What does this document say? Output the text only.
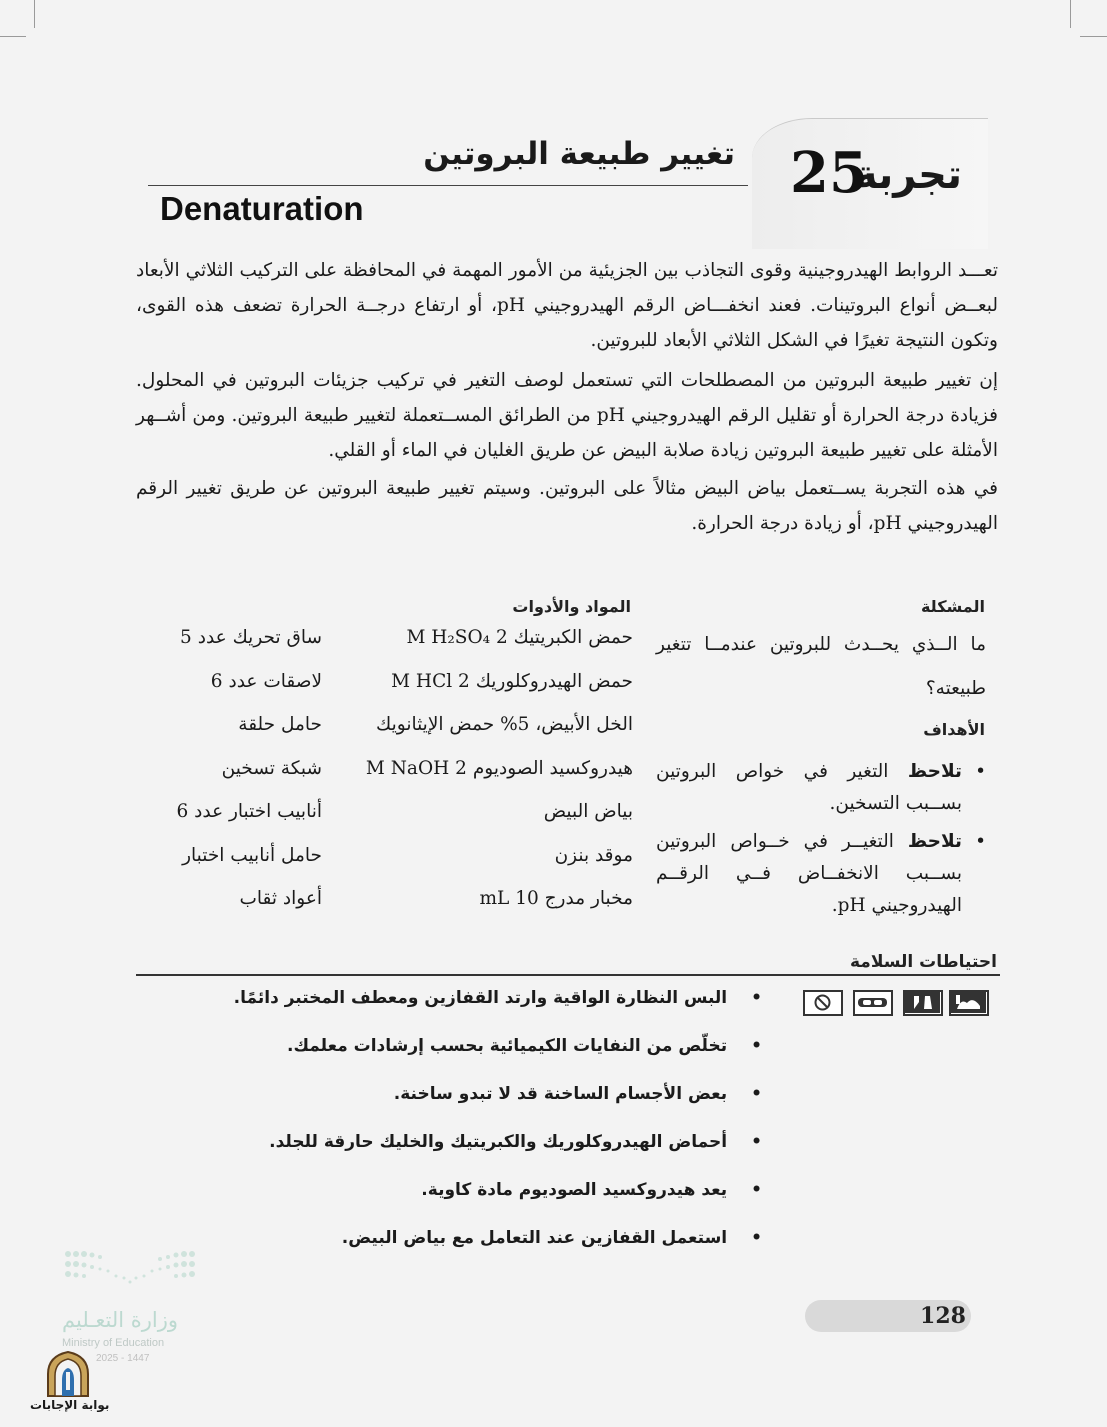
تجربة
25
تغيير طبيعة البروتين
Denaturation

تعـــد الروابط الهيدروجينية وقوى التجاذب بين الجزيئية من الأمور المهمة في المحافظة على التركيب الثلاثي الأبعاد لبعــض أنواع البروتينات. فعند انخفـــاض الرقم الهيدروجيني pH، أو ارتفاع درجــة الحرارة تضعف هذه القوى، وتكون النتيجة تغيرًا في الشكل الثلاثي الأبعاد للبروتين.

إن تغيير طبيعة البروتين من المصطلحات التي تستعمل لوصف التغير في تركيب جزيئات البروتين في المحلول. فزيادة درجة الحرارة أو تقليل الرقم الهيدروجيني pH من الطرائق المســتعملة لتغيير طبيعة البروتين. ومن أشــهر الأمثلة على تغيير طبيعة البروتين زيادة صلابة البيض عن طريق الغليان في الماء أو القلي.

في هذه التجربة يســتعمل بياض البيض مثالاً على البروتين. وسيتم تغيير طبيعة البروتين عن طريق تغيير الرقم الهيدروجيني pH، أو زيادة درجة الحرارة.

المشكلة
ما الــذي يحــدث للبروتين عندمــا تتغير طبيعته؟
الأهداف
•
تلاحظ التغير في خواص البروتين بســبب التسخين.
•
تلاحظ التغيــر في خــواص البروتين بســبب الانخفــاض فــي الرقــم الهيدروجيني pH.
المواد والأدوات
حمض الكبريتيك 2 M H₂SO₄
حمض الهيدروكلوريك 2 M HCl
الخل الأبيض، 5% حمض الإيثانويك
هيدروكسيد الصوديوم 2 M NaOH
بياض البيض
موقد بنزن
مخبار مدرج 10 mL
ساق تحريك عدد 5
لاصقات عدد 6
حامل حلقة
شبكة تسخين
أنابيب اختبار عدد 6
حامل أنابيب اختبار
أعواد ثقاب
احتياطات السلامة
•البس النظارة الواقية وارتد القفازين ومعطف المختبر دائمًا.
•تخلّص من النفايات الكيميائية بحسب إرشادات معلمك.
•بعض الأجسام الساخنة قد لا تبدو ساخنة.
•أحماض الهيدروكلوريك والكبريتيك والخليك حارقة للجلد.
•يعد هيدروكسيد الصوديوم مادة كاوية.
•استعمل القفازين عند التعامل مع بياض البيض.
128
وزارة التعـليم
Ministry of Education
2025 - 1447
بوابة الإجابات
